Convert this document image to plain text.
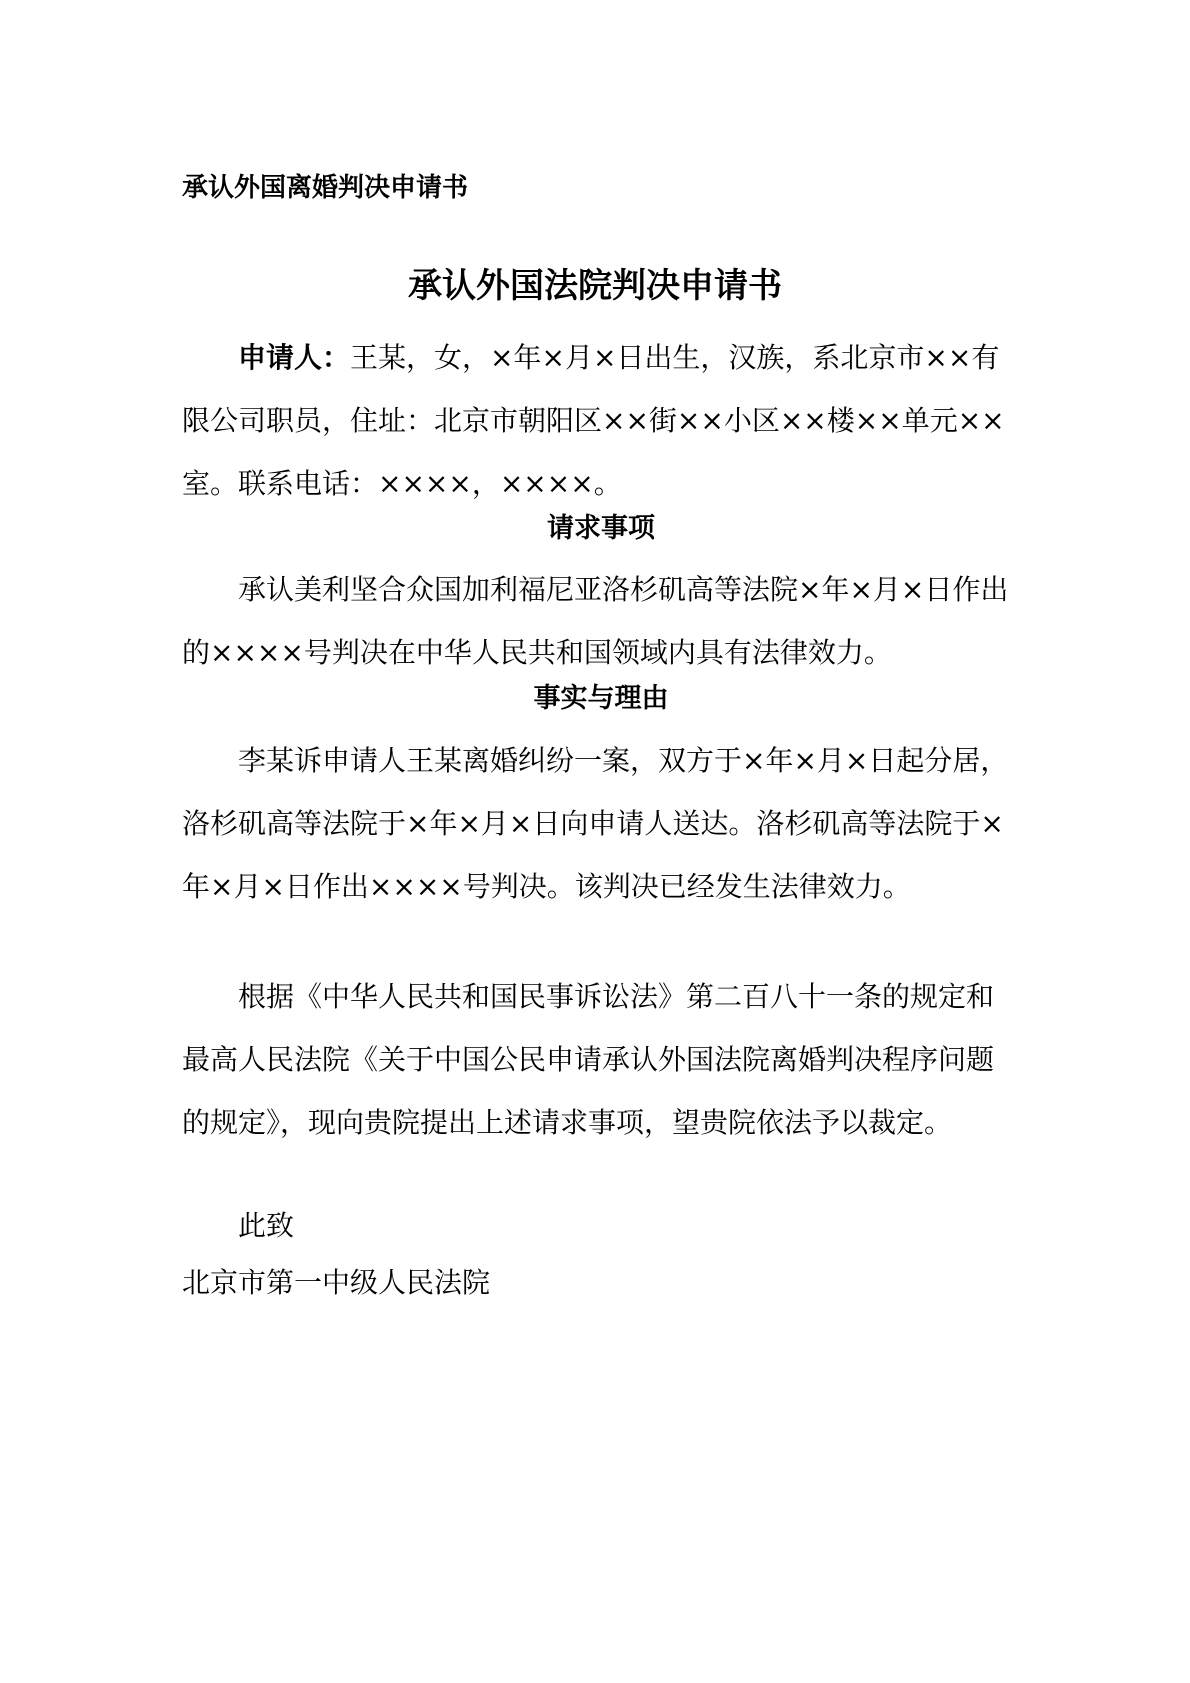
承认外国离婚判决申请书
承认外国法院判决申请书

申请人：王某，女，×年×月×日出生，汉族，系北京市××有限公司职员，住址：北京市朝阳区××街××小区××楼××单元××室。联系电话：××××，××××。

请求事项

承认美利坚合众国加利福尼亚洛杉矶高等法院×年×月×日作出的××××号判决在中华人民共和国领域内具有法律效力。

事实与理由

李某诉申请人王某离婚纠纷一案，双方于×年×月×日起分居，洛杉矶高等法院于×年×月×日向申请人送达。洛杉矶高等法院于×年×月×日作出××××号判决。该判决已经发生法律效力。

根据《中华人民共和国民事诉讼法》第二百八十一条的规定和最高人民法院《关于中国公民申请承认外国法院离婚判决程序问题的规定》，现向贵院提出上述请求事项，望贵院依法予以裁定。

此致
北京市第一中级人民法院
